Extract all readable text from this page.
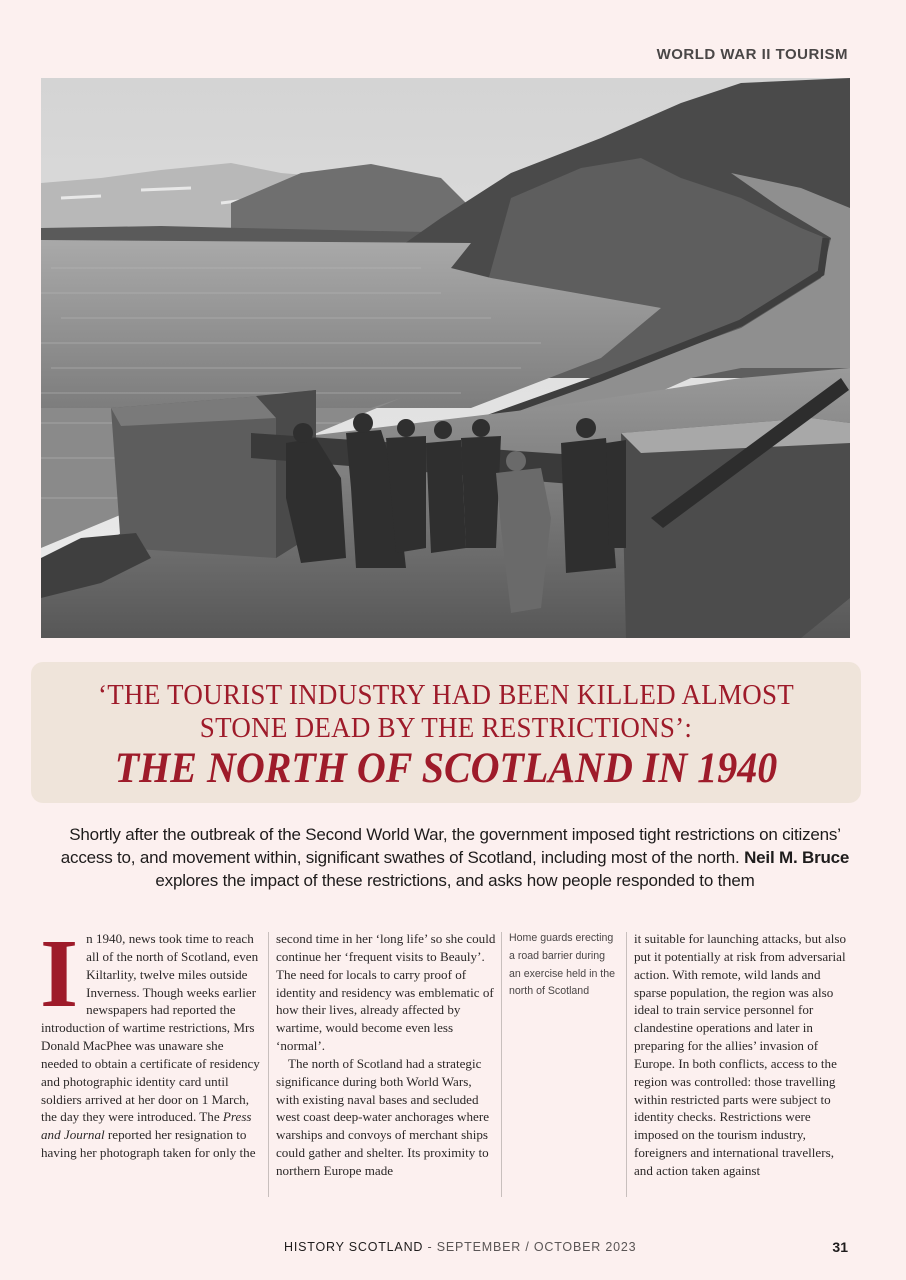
WORLD WAR II TOURISM
‘THE TOURIST INDUSTRY HAD BEEN KILLED ALMOST
STONE DEAD BY THE RESTRICTIONS’:
THE NORTH OF SCOTLAND IN 1940
Shortly after the outbreak of the Second World War, the government imposed tight restrictions on citizens’ access to, and movement within, significant swathes of Scotland, including most of the north. Neil M. Bruce explores the impact of these restrictions, and asks how people responded to them

In 1940, news took time to reach all of the north of Scotland, even Kiltarlity, twelve miles outside Inverness. Though weeks earlier newspapers had reported the introduction of wartime restrictions, Mrs Donald MacPhee was unaware she needed to obtain a certificate of residency and photographic identity card until soldiers arrived at her door on 1 March, the day they were introduced. The Press and Journal reported her resignation to having her photograph taken for only the

second time in her ‘long life’ so she could continue her ‘frequent visits to Beauly’. The need for locals to carry proof of identity and residency was emblematic of how their lives, already affected by wartime, would become even less ‘normal’.

The north of Scotland had a strategic significance during both World Wars, with existing naval bases and secluded west coast deep-water anchorages where warships and convoys of merchant ships could gather and shelter. Its proximity to northern Europe made

Home guards erecting a road barrier during an exercise held in the north of Scotland

it suitable for launching attacks, but also put it potentially at risk from adversarial action. With remote, wild lands and sparse population, the region was also ideal to train service personnel for clandestine operations and later in preparing for the allies’ invasion of Europe. In both conflicts, access to the region was controlled: those travelling within restricted parts were subject to identity checks. Restrictions were imposed on the tourism industry, foreigners and international travellers, and action taken against

HISTORY SCOTLAND - SEPTEMBER / OCTOBER 2023	31
